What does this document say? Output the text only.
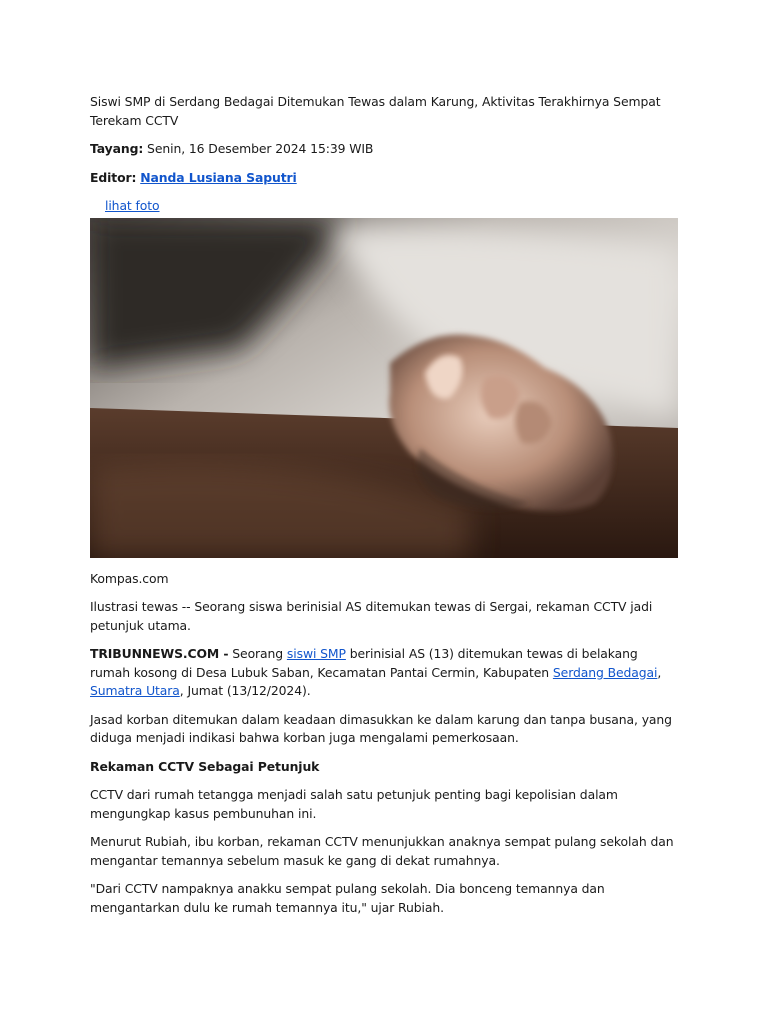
Siswi SMP di Serdang Bedagai Ditemukan Tewas dalam Karung, Aktivitas Terakhirnya Sempat Terekam CCTV

Tayang: Senin, 16 Desember 2024 15:39 WIB

Editor: Nanda Lusiana Saputri

lihat foto

Kompas.com

Ilustrasi tewas -- Seorang siswa berinisial AS ditemukan tewas di Sergai, rekaman CCTV jadi petunjuk utama.

TRIBUNNEWS.COM - Seorang siswi SMP berinisial AS (13) ditemukan tewas di belakang rumah kosong di Desa Lubuk Saban, Kecamatan Pantai Cermin, Kabupaten Serdang Bedagai, Sumatra Utara, Jumat (13/12/2024).

Jasad korban ditemukan dalam keadaan dimasukkan ke dalam karung dan tanpa busana, yang diduga menjadi indikasi bahwa korban juga mengalami pemerkosaan.

Rekaman CCTV Sebagai Petunjuk

CCTV dari rumah tetangga menjadi salah satu petunjuk penting bagi kepolisian dalam mengungkap kasus pembunuhan ini.

Menurut Rubiah, ibu korban, rekaman CCTV menunjukkan anaknya sempat pulang sekolah dan mengantar temannya sebelum masuk ke gang di dekat rumahnya.

"Dari CCTV nampaknya anakku sempat pulang sekolah. Dia bonceng temannya dan mengantarkan dulu ke rumah temannya itu," ujar Rubiah.
